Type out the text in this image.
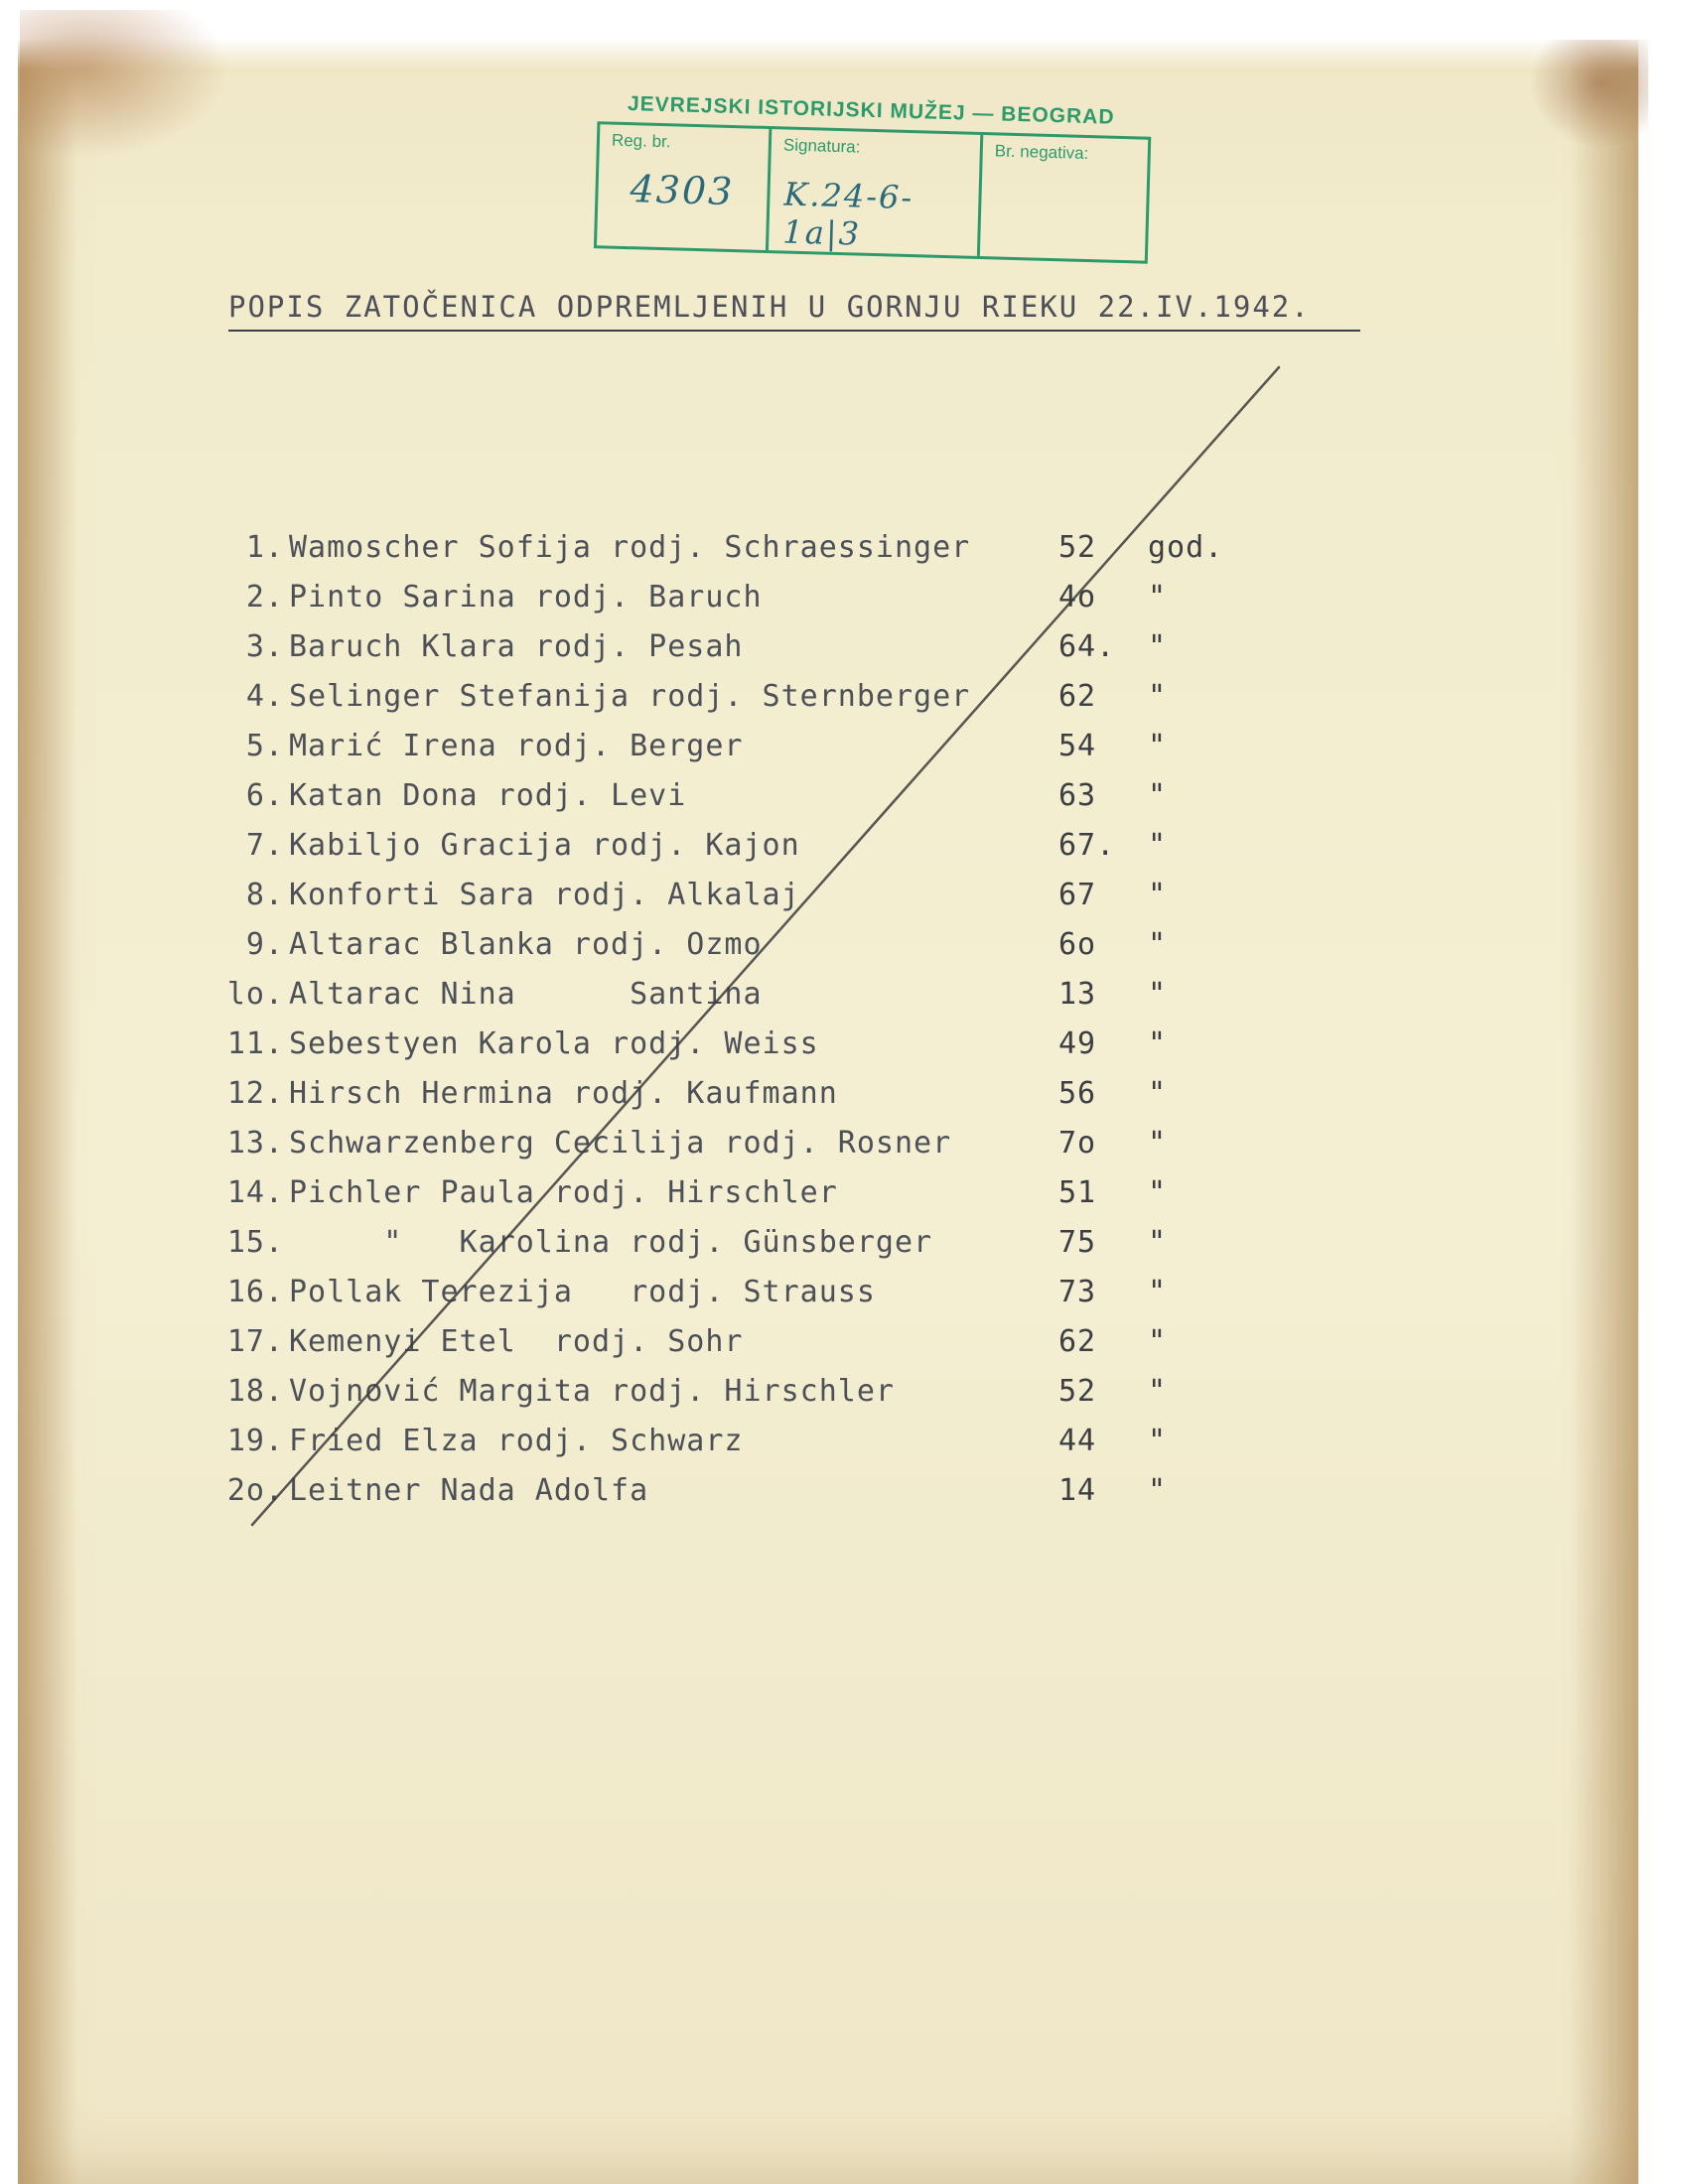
JEVREJSKI ISTORIJSKI MUŽEJ — BEOGRAD
Reg. br.
4303
Signatura:
K.24-6-1a|3
Br. negativa:
POPIS ZATOČENICA ODPREMLJENIH U GORNJU RIEKU 22.IV.1942.
1. Wamoscher Sofija rodj. Schraessinger	52	god.
2. Pinto Sarina rodj. Baruch	4o	"
3. Baruch Klara rodj. Pesah	64.	"
4. Selinger Stefanija rodj. Sternberger	62	"
5. Marić Irena rodj. Berger	54	"
6. Katan Dona rodj. Levi	63	"
7. Kabiljo Gracija rodj. Kajon	67.	"
8. Konforti Sara rodj. Alkalaj	67	"
9. Altarac Blanka rodj. Ozmo	6o	"
lo. Altarac Nina      Santina	13	"
11. Sebestyen Karola rodj. Weiss	49	"
12. Hirsch Hermina rodj. Kaufmann	56	"
13. Schwarzenberg Cecilija rodj. Rosner	7o	"
14. Pichler Paula rodj. Hirschler	51	"
15. "   Karolina rodj. Günsberger	75	"
16. Pollak Terezija   rodj. Strauss	73	"
17. Kemenyi Etel  rodj. Sohr	62	"
18. Vojnović Margita rodj. Hirschler	52	"
19. Fried Elza rodj. Schwarz	44	"
2o. Leitner Nada Adolfa	14	"
